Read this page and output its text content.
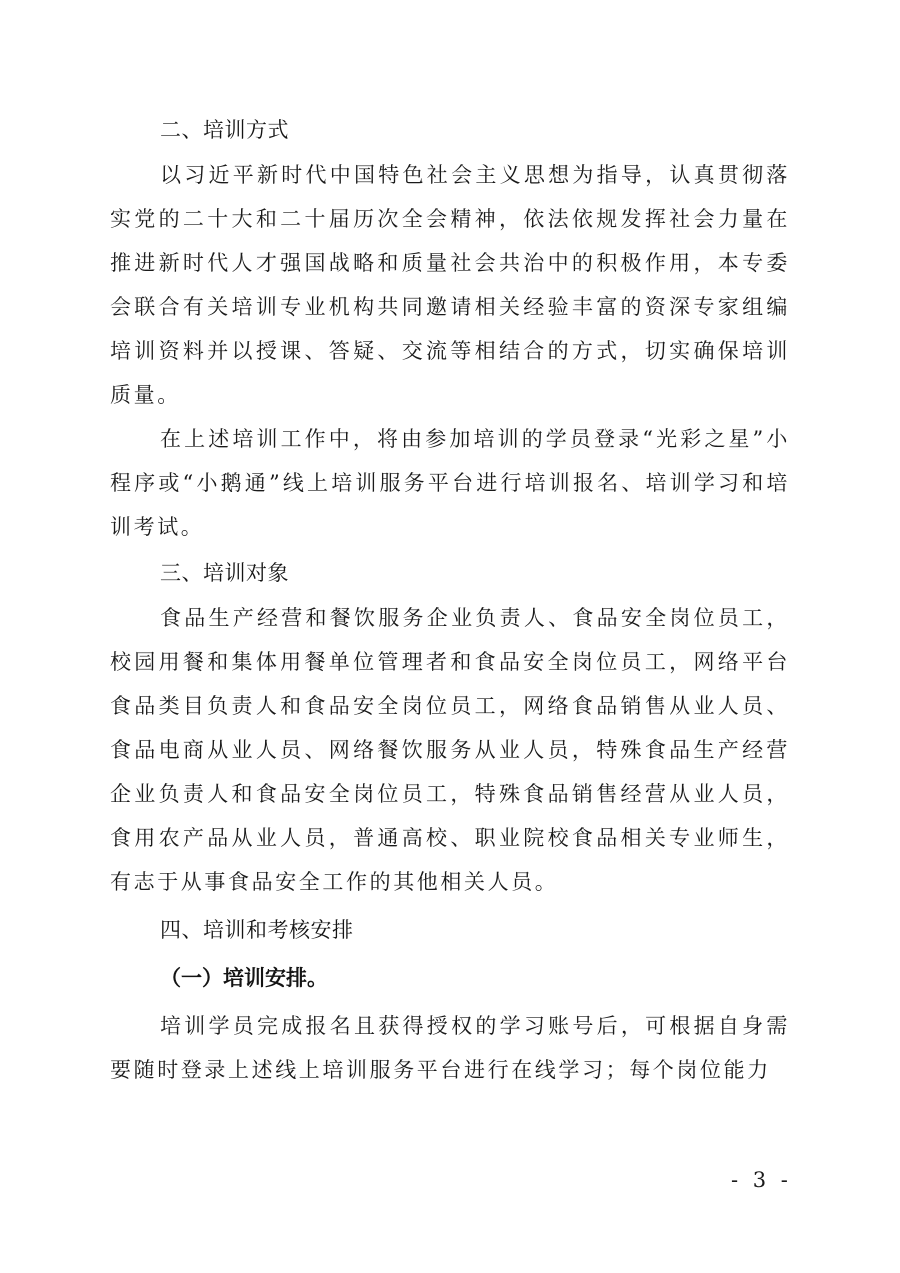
二、培训方式

以习近平新时代中国特色社会主义思想为指导，认真贯彻落实党的二十大和二十届历次全会精神，依法依规发挥社会力量在推进新时代人才强国战略和质量社会共治中的积极作用，本专委会联合有关培训专业机构共同邀请相关经验丰富的资深专家组编培训资料并以授课、答疑、交流等相结合的方式，切实确保培训质量。

在上述培训工作中，将由参加培训的学员登录“光彩之星”小程序或“小鹅通”线上培训服务平台进行培训报名、培训学习和培训考试。

三、培训对象

食品生产经营和餐饮服务企业负责人、食品安全岗位员工，校园用餐和集体用餐单位管理者和食品安全岗位员工，网络平台食品类目负责人和食品安全岗位员工，网络食品销售从业人员、食品电商从业人员、网络餐饮服务从业人员，特殊食品生产经营企业负责人和食品安全岗位员工，特殊食品销售经营从业人员，食用农产品从业人员，普通高校、职业院校食品相关专业师生，有志于从事食品安全工作的其他相关人员。

四、培训和考核安排
（一）培训安排。

培训学员完成报名且获得授权的学习账号后，可根据自身需要随时登录上述线上培训服务平台进行在线学习；每个岗位能力

- 3 -
